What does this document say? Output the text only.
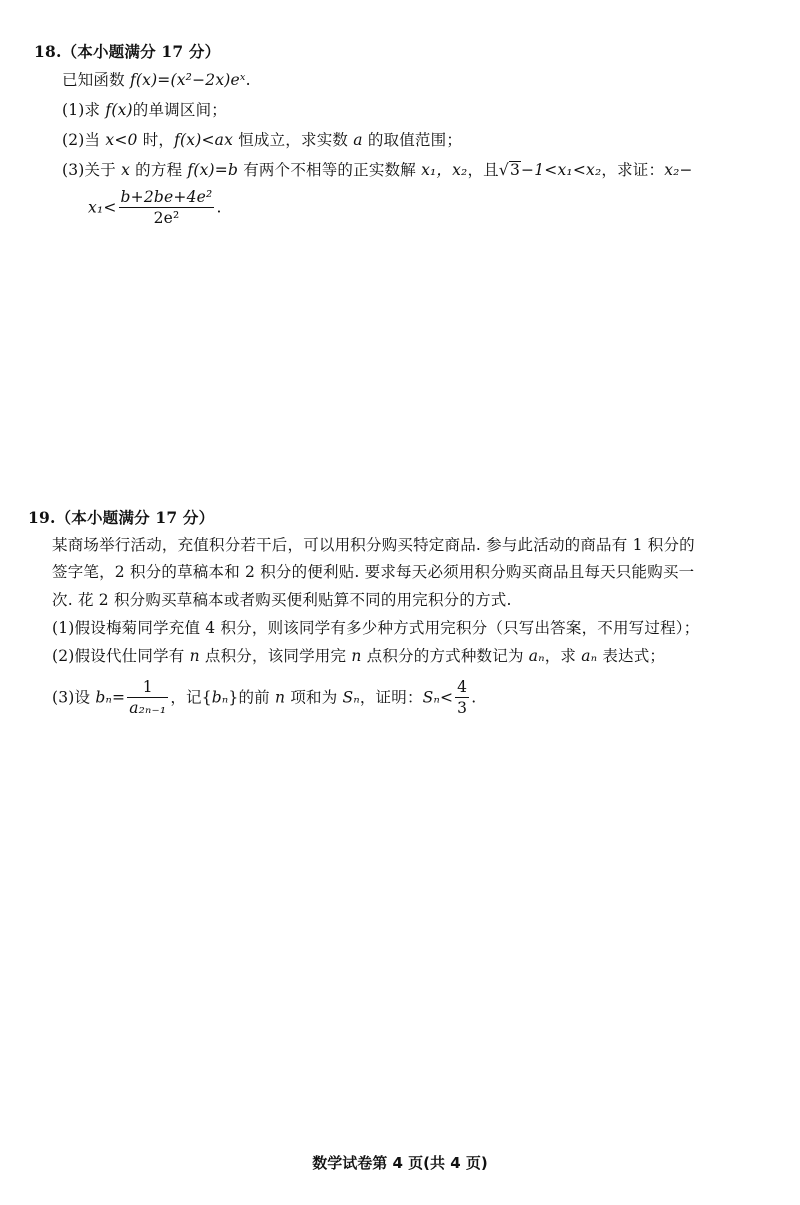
18.（本小题满分 17 分）
已知函数 f(x)=(x²−2x)eˣ.
(1)求 f(x)的单调区间；
(2)当 x<0 时，f(x)<ax 恒成立，求实数 a 的取值范围；
(3)关于 x 的方程 f(x)=b 有两个不相等的正实数解 x₁，x₂，且√3−1<x₁<x₂，求证：x₂−
$x_1< \frac{\text{b+2be+4e²}}{\text{2e²}}$ .
19.（本小题满分 17 分）
某商场举行活动，充值积分若干后，可以用积分购买特定商品. 参与此活动的商品有 1 积分的
签字笔，2 积分的草稿本和 2 积分的便利贴. 要求每天必须用积分购买商品且每天只能购买一
次. 花 2 积分购买草稿本或者购买便利贴算不同的用完积分的方式.
(1)假设梅菊同学充值 4 积分，则该同学有多少种方式用完积分（只写出答案，不用写过程）；
(2)假设代仕同学有 n 点积分，该同学用完 n 点积分的方式种数记为 aₙ，求 aₙ 表达式；
(3)设 $b_n= \frac{1}{\text{a₂ₙ₋₁}}$ ，记{bₙ}的前 n 项和为 Sₙ，证明：$S_n< \frac{4}{3}$ .
数学试卷第 4 页(共 4 页)
